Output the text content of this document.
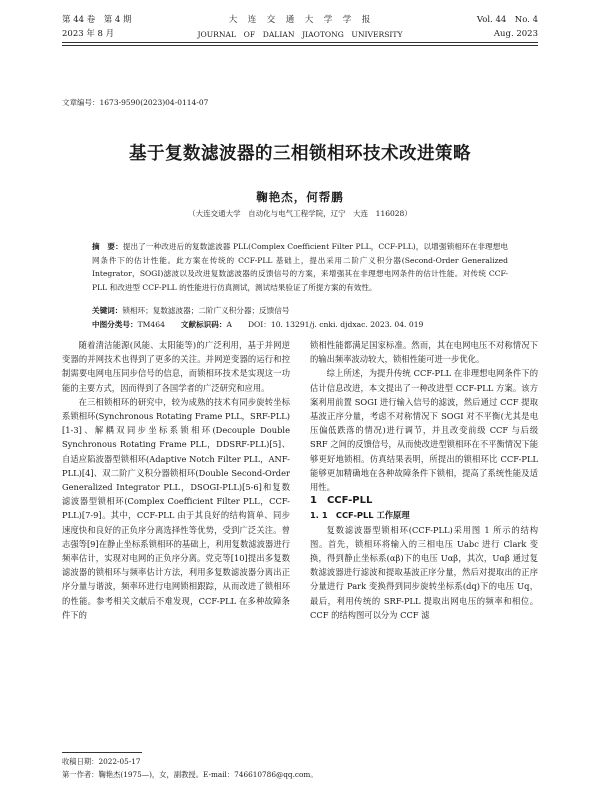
第 44 卷　第 4 期
2023 年 8 月
大　连　交　通　大　学　学　报
JOURNAL　OF　DALIAN　JIAOTONG　UNIVERSITY
Vol. 44　No. 4
Aug. 2023
文章编号：1673-9590(2023)04-0114-07
基于复数滤波器的三相锁相环技术改进策略
鞠艳杰，何帮鹏
（大连交通大学　自动化与电气工程学院，辽宁　大连　116028）
摘　要：提出了一种改进后的复数滤波器 PLL(Complex Coefficient Filter PLL，CCF-PLL)，以增强锁相环在非理想电网条件下的估计性能。此方案在传统的 CCF-PLL 基础上，提出采用二阶广义积分器(Second-Order Generalized Integrator，SOGI)滤波以及改进复数滤波器的反馈信号的方案，来增强其在非理想电网条件的估计性能。对传统 CCF-PLL 和改进型 CCF-PLL 的性能进行仿真测试，测试结果验证了所提方案的有效性。
关键词：锁相环；复数滤波器；二阶广义积分器；反馈信号
中图分类号：TM464 文献标识码：A DOI：10. 13291/j. cnki. djdxac. 2023. 04. 019

随着清洁能源(风能、太阳能等)的广泛利用，基于并网逆变器的并网技术也得到了更多的关注。并网逆变器的运行和控制需要电网电压同步信号的信息，而锁相环技术是实现这一功能的主要方式，因而得到了各国学者的广泛研究和应用。

在三相锁相环的研究中，较为成熟的技术有同步旋转坐标系锁相环(Synchronous Rotating Frame PLL，SRF-PLL)[1-3]、解耦双同步坐标系锁相环(Decouple Double Synchronous Rotating Frame PLL，DDSRF-PLL)[5]、自适应陷波器型锁相环(Adaptive Notch Filter PLL，ANF-PLL)[4]、双二阶广义积分器锁相环(Double Second-Order Generalized Integrator PLL，DSOGI-PLL)[5-6]和复数滤波器型锁相环(Complex Coefficient Filter PLL，CCF-PLL)[7-9]。其中，CCF-PLL 由于其良好的结构简单、同步速度快和良好的正负序分离选择性等优势，受到广泛关注。曾志强等[9]在静止坐标系锁相环的基础上，利用复数滤波器进行频率估计，实现对电网的正负序分离。党克等[10]提出多复数滤波器的锁相环与频率估计方法，利用多复数滤波器分离出正序分量与谐波，频率环进行电网锁相跟踪，从而改进了锁相环的性能。参考相关文献后不难发现，CCF-PLL 在多种故障条件下的

锁相性能都满足国家标准。然而，其在电网电压不对称情况下的输出频率波动较大，锁相性能可进一步优化。

综上所述，为提升传统 CCF-PLL 在非理想电网条件下的估计信息改进，本文提出了一种改进型 CCF-PLL 方案。该方案利用前置 SOGI 进行输入信号的滤波，然后通过 CCF 提取基波正序分量，考虑不对称情况下 SOGI 对不平衡(尤其是电压偏低跌落的情况)进行调节，并且改变前级 CCF 与后级 SRF 之间的反馈信号，从而使改进型锁相环在不平衡情况下能够更好地锁相。仿真结果表明，所提出的锁相环比 CCF-PLL 能够更加精确地在各种故障条件下锁相，提高了系统性能及适用性。

1　CCF-PLL

1. 1　CCF-PLL 工作原理

复数滤波器型锁相环(CCF-PLL)采用图 1 所示的结构图。首先，锁相环将输入的三相电压 Uabc 进行 Clark 变换，得到静止坐标系(αβ)下的电压 Uαβ，其次，Uαβ 通过复数滤波器进行滤波和提取基波正序分量，然后对提取出的正序分量进行 Park 变换得到同步旋转坐标系(dq)下的电压 Uq，最后，利用传统的 SRF-PLL 提取出网电压的频率和相位。CCF 的结构图可以分为 CCF 滤

收稿日期：2022-05-17
第一作者：鞠艳杰(1975—)，女，副教授。E-mail：746610786@qq.com。
